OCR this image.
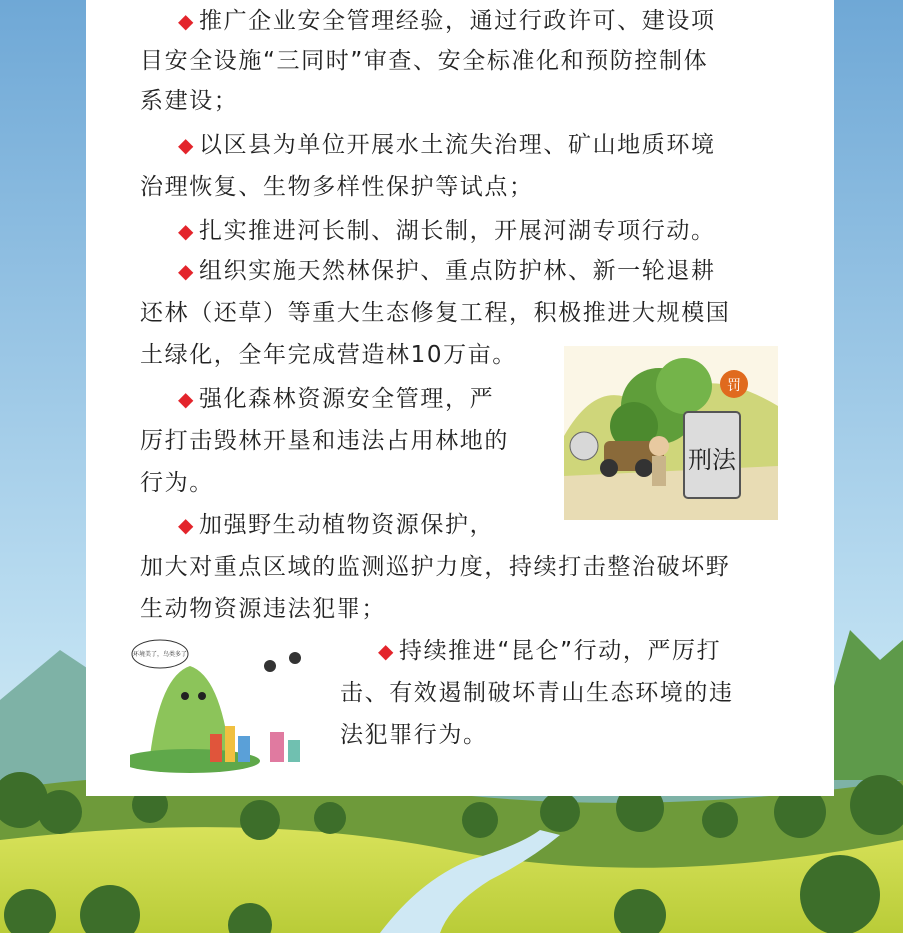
◆ 推广企业安全管理经验，通过行政许可、建设项
目安全设施“三同时”审查、安全标准化和预防控制体
系建设；
◆ 以区县为单位开展水土流失治理、矿山地质环境
治理恢复、生物多样性保护等试点；
◆ 扎实推进河长制、湖长制，开展河湖专项行动。
◆ 组织实施天然林保护、重点防护林、新一轮退耕
还林（还草）等重大生态修复工程，积极推进大规模国
土绿化，全年完成营造林10万亩。
◆ 强化森林资源安全管理，严
厉打击毁林开垦和违法占用林地的
行为。
◆ 加强野生动植物资源保护，
加大对重点区域的监测巡护力度，持续打击整治破坏野
生动物资源违法犯罪；
◆ 持续推进“昆仑”行动，严厉打
击、有效遏制破坏青山生态环境的违
法犯罪行为。
罚
刑法
环境美了，鸟类多了
